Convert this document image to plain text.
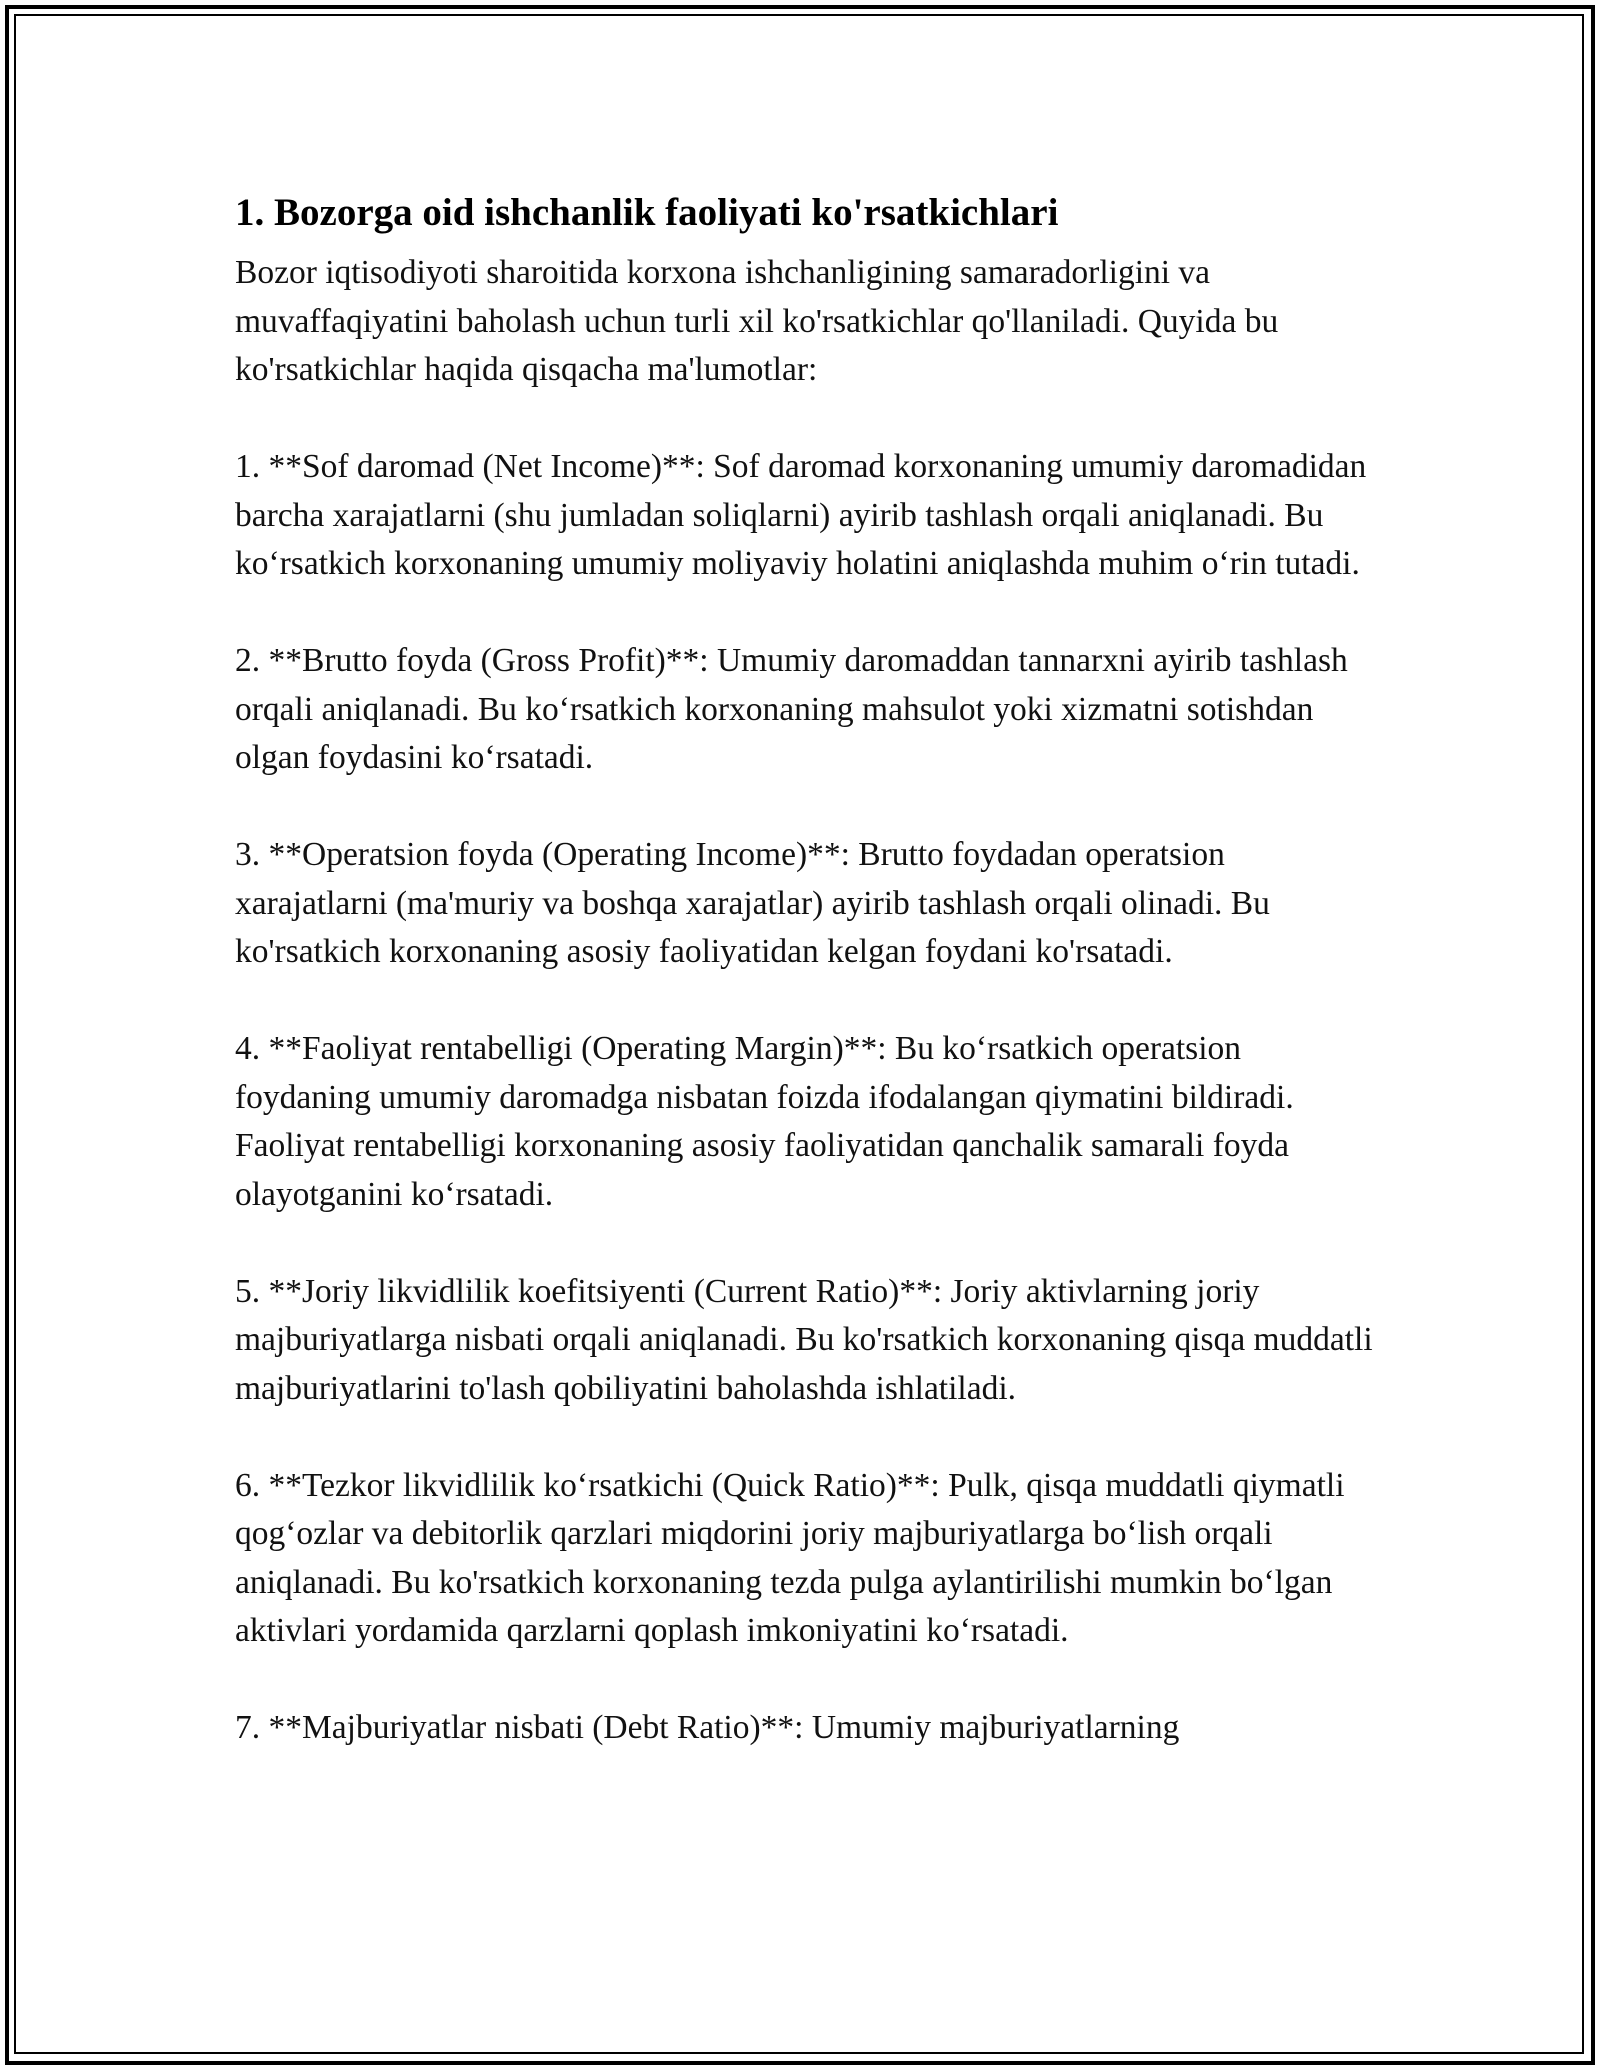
1. Bozorga oid ishchanlik faoliyati ko'rsatkichlari

Bozor iqtisodiyoti sharoitida korxona ishchanligining samaradorligini va muvaffaqiyatini baholash uchun turli xil ko'rsatkichlar qo'llaniladi. Quyida bu ko'rsatkichlar haqida qisqacha ma'lumotlar:

1. **Sof daromad (Net Income)**: Sof daromad korxonaning umumiy daromadidan barcha xarajatlarni (shu jumladan soliqlarni) ayirib tashlash orqali aniqlanadi. Bu ko‘rsatkich korxonaning umumiy moliyaviy holatini aniqlashda muhim o‘rin tutadi.

2. **Brutto foyda (Gross Profit)**: Umumiy daromaddan tannarxni ayirib tashlash orqali aniqlanadi. Bu ko‘rsatkich korxonaning mahsulot yoki xizmatni sotishdan olgan foydasini ko‘rsatadi.

3. **Operatsion foyda (Operating Income)**: Brutto foydadan operatsion xarajatlarni (ma'muriy va boshqa xarajatlar) ayirib tashlash orqali olinadi. Bu ko'rsatkich korxonaning asosiy faoliyatidan kelgan foydani ko'rsatadi.

4. **Faoliyat rentabelligi (Operating Margin)**: Bu ko‘rsatkich operatsion foydaning umumiy daromadga nisbatan foizda ifodalangan qiymatini bildiradi. Faoliyat rentabelligi korxonaning asosiy faoliyatidan qanchalik samarali foyda olayotganini ko‘rsatadi.

5. **Joriy likvidlilik koefitsiyenti (Current Ratio)**: Joriy aktivlarning joriy majburiyatlarga nisbati orqali aniqlanadi. Bu ko'rsatkich korxonaning qisqa muddatli majburiyatlarini to'lash qobiliyatini baholashda ishlatiladi.

6. **Tezkor likvidlilik ko‘rsatkichi (Quick Ratio)**: Pulk, qisqa muddatli qiymatli qog‘ozlar va debitorlik qarzlari miqdorini joriy majburiyatlarga bo‘lish orqali aniqlanadi. Bu ko'rsatkich korxonaning tezda pulga aylantirilishi mumkin bo‘lgan aktivlari yordamida qarzlarni qoplash imkoniyatini ko‘rsatadi.

7. **Majburiyatlar nisbati (Debt Ratio)**: Umumiy majburiyatlarning
